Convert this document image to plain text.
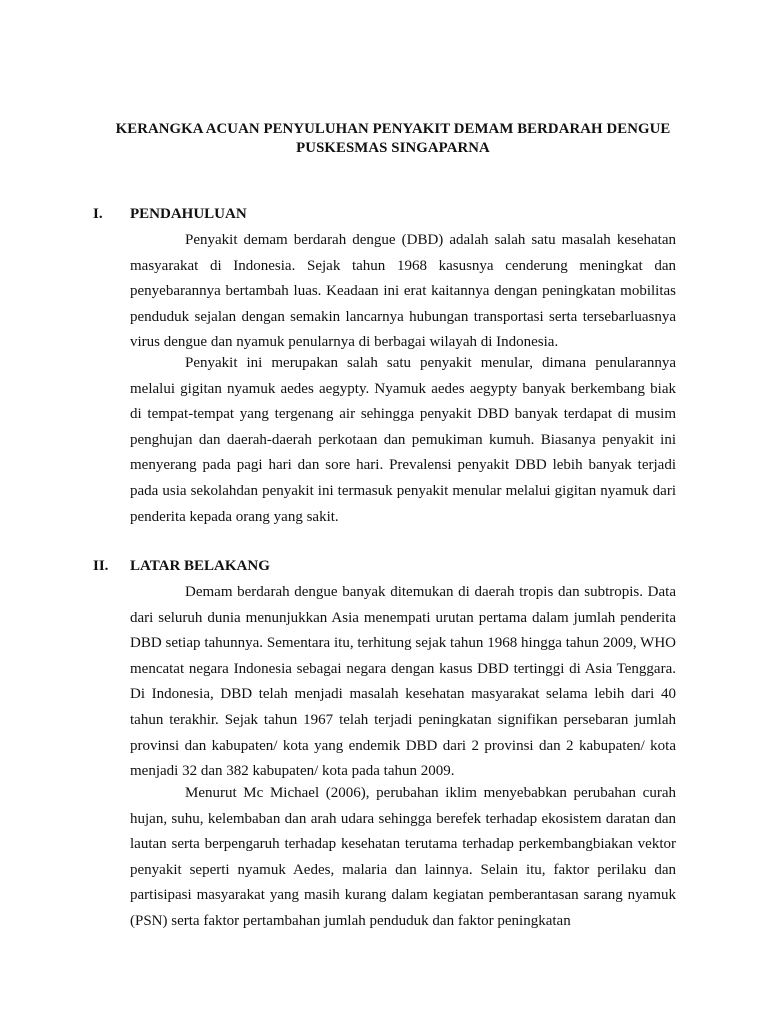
KERANGKA ACUAN PENYULUHAN PENYAKIT DEMAM BERDARAH DENGUE
PUSKESMAS SINGAPARNA
I. PENDAHULUAN

Penyakit demam berdarah dengue (DBD) adalah salah satu masalah kesehatan masyarakat di Indonesia. Sejak tahun 1968 kasusnya cenderung meningkat dan penyebarannya bertambah luas. Keadaan ini erat kaitannya dengan peningkatan mobilitas penduduk sejalan dengan semakin lancarnya hubungan transportasi serta tersebarluasnya virus dengue dan nyamuk penularnya di berbagai wilayah di Indonesia.

Penyakit ini merupakan salah satu penyakit menular, dimana penularannya melalui gigitan nyamuk aedes aegypty. Nyamuk aedes aegypty banyak berkembang biak di tempat-tempat yang tergenang air sehingga penyakit DBD banyak terdapat di musim penghujan dan daerah-daerah perkotaan dan pemukiman kumuh. Biasanya penyakit ini menyerang pada pagi hari dan sore hari. Prevalensi penyakit DBD lebih banyak terjadi pada usia sekolahdan penyakit ini termasuk penyakit menular melalui gigitan nyamuk dari penderita kepada orang yang sakit.

II. LATAR BELAKANG

Demam berdarah dengue banyak ditemukan di daerah tropis dan subtropis. Data dari seluruh dunia menunjukkan Asia menempati urutan pertama dalam jumlah penderita DBD setiap tahunnya. Sementara itu, terhitung sejak tahun 1968 hingga tahun 2009, WHO mencatat negara Indonesia sebagai negara dengan kasus DBD tertinggi di Asia Tenggara. Di Indonesia, DBD telah menjadi masalah kesehatan masyarakat selama lebih dari 40 tahun terakhir. Sejak tahun 1967 telah terjadi peningkatan signifikan persebaran jumlah provinsi dan kabupaten/ kota yang endemik DBD dari 2 provinsi dan 2 kabupaten/ kota menjadi 32 dan 382 kabupaten/ kota pada tahun 2009.

Menurut Mc Michael (2006), perubahan iklim menyebabkan perubahan curah hujan, suhu, kelembaban dan arah udara sehingga berefek terhadap ekosistem daratan dan lautan serta berpengaruh terhadap kesehatan terutama terhadap perkembangbiakan vektor penyakit seperti nyamuk Aedes, malaria dan lainnya. Selain itu, faktor perilaku dan partisipasi masyarakat yang masih kurang dalam kegiatan pemberantasan sarang nyamuk (PSN) serta faktor pertambahan jumlah penduduk dan faktor peningkatan
